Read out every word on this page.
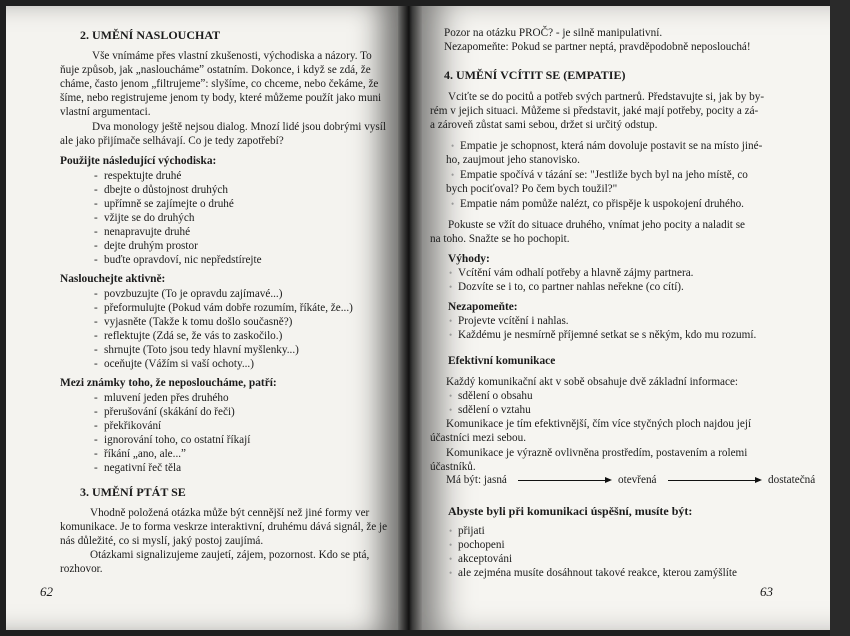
2. UMĚNÍ NASLOUCHAT
Vše vnímáme přes vlastní zkušenosti, východiska a názory. To
ňuje způsob, jak „naslouchámeˮ ostatním. Dokonce, i když se zdá, že
cháme, často jenom „filtrujemeˮ: slyšíme, co chceme, nebo čekáme, že
šíme, nebo registrujeme jenom ty body, které můžeme použít jako muni
vlastní argumentaci.
Dva monology ještě nejsou dialog. Mnozí lidé jsou dobrými vysíl
ale jako přijímače selhávají. Co je tedy zapotřebí?
Použijte následující východiska:
- respektujte druhé
- dbejte o důstojnost druhých
- upřímně se zajímejte o druhé
- vžijte se do druhých
- nenapravujte druhé
- dejte druhým prostor
- buďte opravdoví, nic nepředstírejte
Naslouchejte aktivně:
- povzbuzujte (To je opravdu zajímavé...)
- přeformulujte (Pokud vám dobře rozumím, říkáte, že...)
- vyjasněte (Takže k tomu došlo současně?)
- reflektujte (Zdá se, že vás to zaskočilo.)
- shrnujte (Toto jsou tedy hlavní myšlenky...)
- oceňujte (Vážím si vaší ochoty...)
Mezi známky toho, že neposloucháme, patří:
- mluvení jeden přes druhého
- přerušování (skákání do řeči)
- překřikování
- ignorování toho, co ostatní říkají
- říkání „ano, ale...ˮ
- negativní řeč těla
3. UMĚNÍ PTÁT SE
Vhodně položená otázka může být cennější než jiné formy ver
komunikace. Je to forma veskrze interaktivní, druhému dává signál, že je
nás důležité, co si myslí, jaký postoj zaujímá.
Otázkami signalizujeme zaujetí, zájem, pozornost. Kdo se ptá,
rozhovor.
62
Pozor na otázku PROČ? - je silně manipulativní.
Nezapomeňte: Pokud se partner neptá, pravděpodobně neposlouchá!
4. UMĚNÍ VCÍTIT SE (EMPATIE)
Vciťte se do pocitů a potřeb svých partnerů. Představujte si, jak by by-
rém v jejich situaci. Můžeme si představit, jaké mají potřeby, pocity a zá-
a zároveň zůstat sami sebou, držet si určitý odstup.
• Empatie je schopnost, která nám dovoluje postavit se na místo jiné-
ho, zaujmout jeho stanovisko.
• Empatie spočívá v tázání se: "Jestliže bych byl na jeho místě, co
bych pociťoval? Po čem bych toužil?"
• Empatie nám pomůže nalézt, co přispěje k uspokojení druhého.
Pokuste se vžít do situace druhého, vnímat jeho pocity a naladit se
na toho. Snažte se ho pochopit.
Výhody:
• Vcítění vám odhalí potřeby a hlavně zájmy partnera.
• Dozvíte se i to, co partner nahlas neřekne (co cítí).
Nezapomeňte:
• Projevte vcítění i nahlas.
• Každému je nesmírně příjemné setkat se s někým, kdo mu rozumí.
Efektivní komunikace
Každý komunikační akt v sobě obsahuje dvě základní informace:
• sdělení o obsahu
• sdělení o vztahu
Komunikace je tím efektivnější, čím více styčných ploch najdou její
účastníci mezi sebou.
Komunikace je výrazně ovlivněna prostředím, postavením a rolemi
účastníků.
Má být: jasná	otevřená	dostatečná
Abyste byli při komunikaci úspěšní, musíte být:
• přijati
• pochopeni
• akceptováni
• ale zejména musíte dosáhnout takové reakce, kterou zamýšlíte
63
